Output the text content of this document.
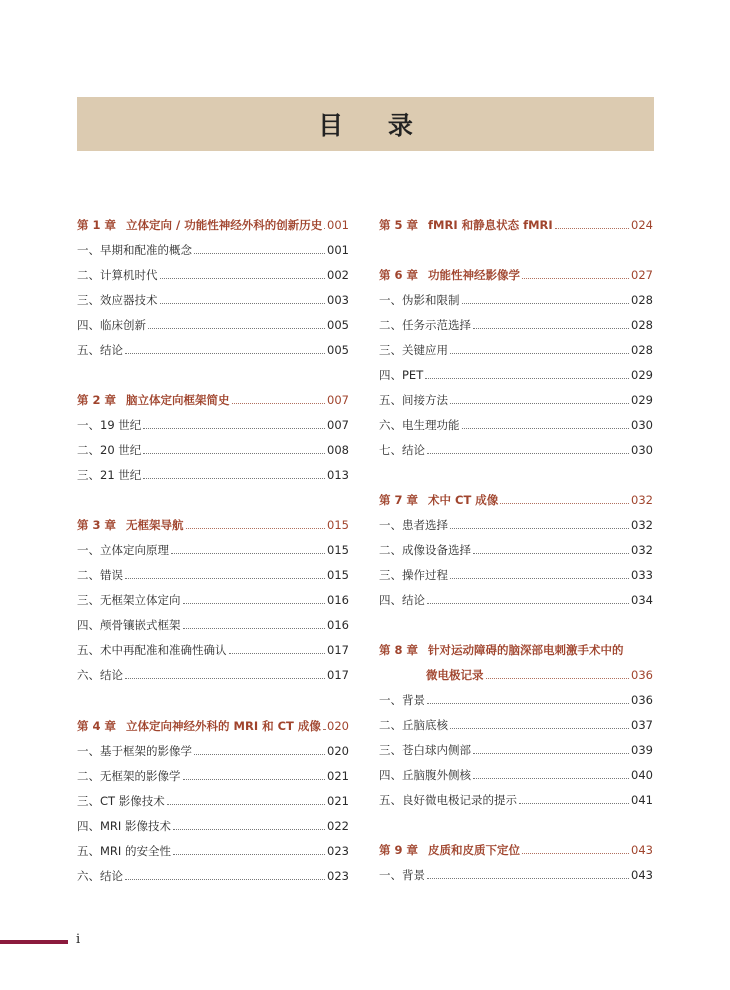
目 录
第 1 章 立体定向 / 功能性神经外科的创新历史 001
一、早期和配准的概念	001
二、计算机时代	002
三、效应器技术	003
四、临床创新	005
五、结论	005
第 2 章 脑立体定向框架简史	007
一、19 世纪	007
二、20 世纪	008
三、21 世纪	013
第 3 章 无框架导航	015
一、立体定向原理	015
二、错误	015
三、无框架立体定向	016
四、颅骨镶嵌式框架	016
五、术中再配准和准确性确认	017
六、结论	017
第 4 章 立体定向神经外科的 MRI 和 CT 成像 020
一、基于框架的影像学	020
二、无框架的影像学	021
三、CT 影像技术	021
四、MRI 影像技术	022
五、MRI 的安全性	023
六、结论	023
第 5 章 fMRI 和静息状态 fMRI	024
第 6 章 功能性神经影像学	027
一、伪影和限制	028
二、任务示范选择	028
三、关键应用	028
四、PET	029
五、间接方法	029
六、电生理功能	030
七、结论	030
第 7 章 术中 CT 成像	032
一、患者选择	032
二、成像设备选择	032
三、操作过程	033
四、结论	034
第 8 章 针对运动障碍的脑深部电刺激手术中的
微电极记录	036
一、背景	036
二、丘脑底核	037
三、苍白球内侧部	039
四、丘脑腹外侧核	040
五、良好微电极记录的提示	041
第 9 章 皮质和皮质下定位	043
一、背景	043
i
